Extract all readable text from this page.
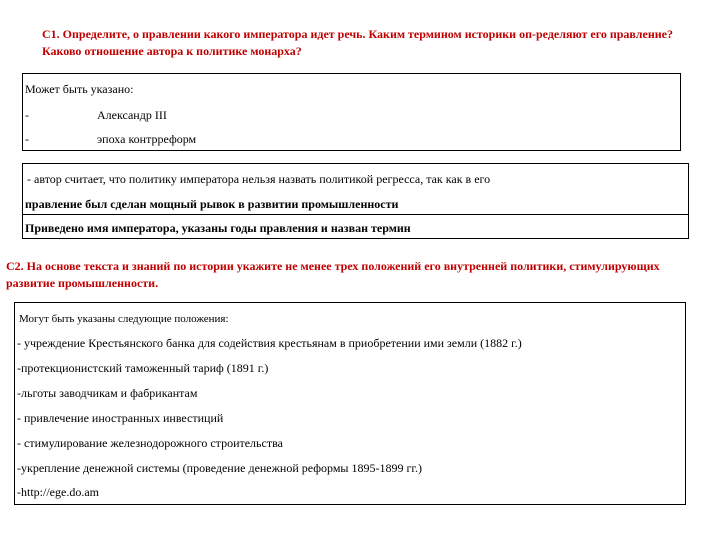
С1. Определите, о правлении какого императора идет речь. Каким термином историки оп-ределяют его правление? Каково отношение автора к политике монарха?
Может быть указано:
-	Александр III
-	эпоха контрреформ
- автор считает, что политику императора нельзя назвать политикой регресса, так как в его
правление был сделан мощный рывок в развитии промышленности
Приведено имя императора, указаны годы правления и назван термин
С2. На основе текста и знаний по истории укажите не менее трех положений его внутренней политики, стимулирующих развитие промышленности.
Могут быть указаны следующие положения:
- учреждение Крестьянского банка для содействия крестьянам в приобретении ими земли (1882 г.)
-протекционистский таможенный тариф (1891 г.)
-льготы заводчикам и фабрикантам
- привлечение иностранных инвестиций
- стимулирование железнодорожного строительства
-укрепление денежной системы (проведение денежной реформы 1895-1899 гг.)
-http://ege.do.am
